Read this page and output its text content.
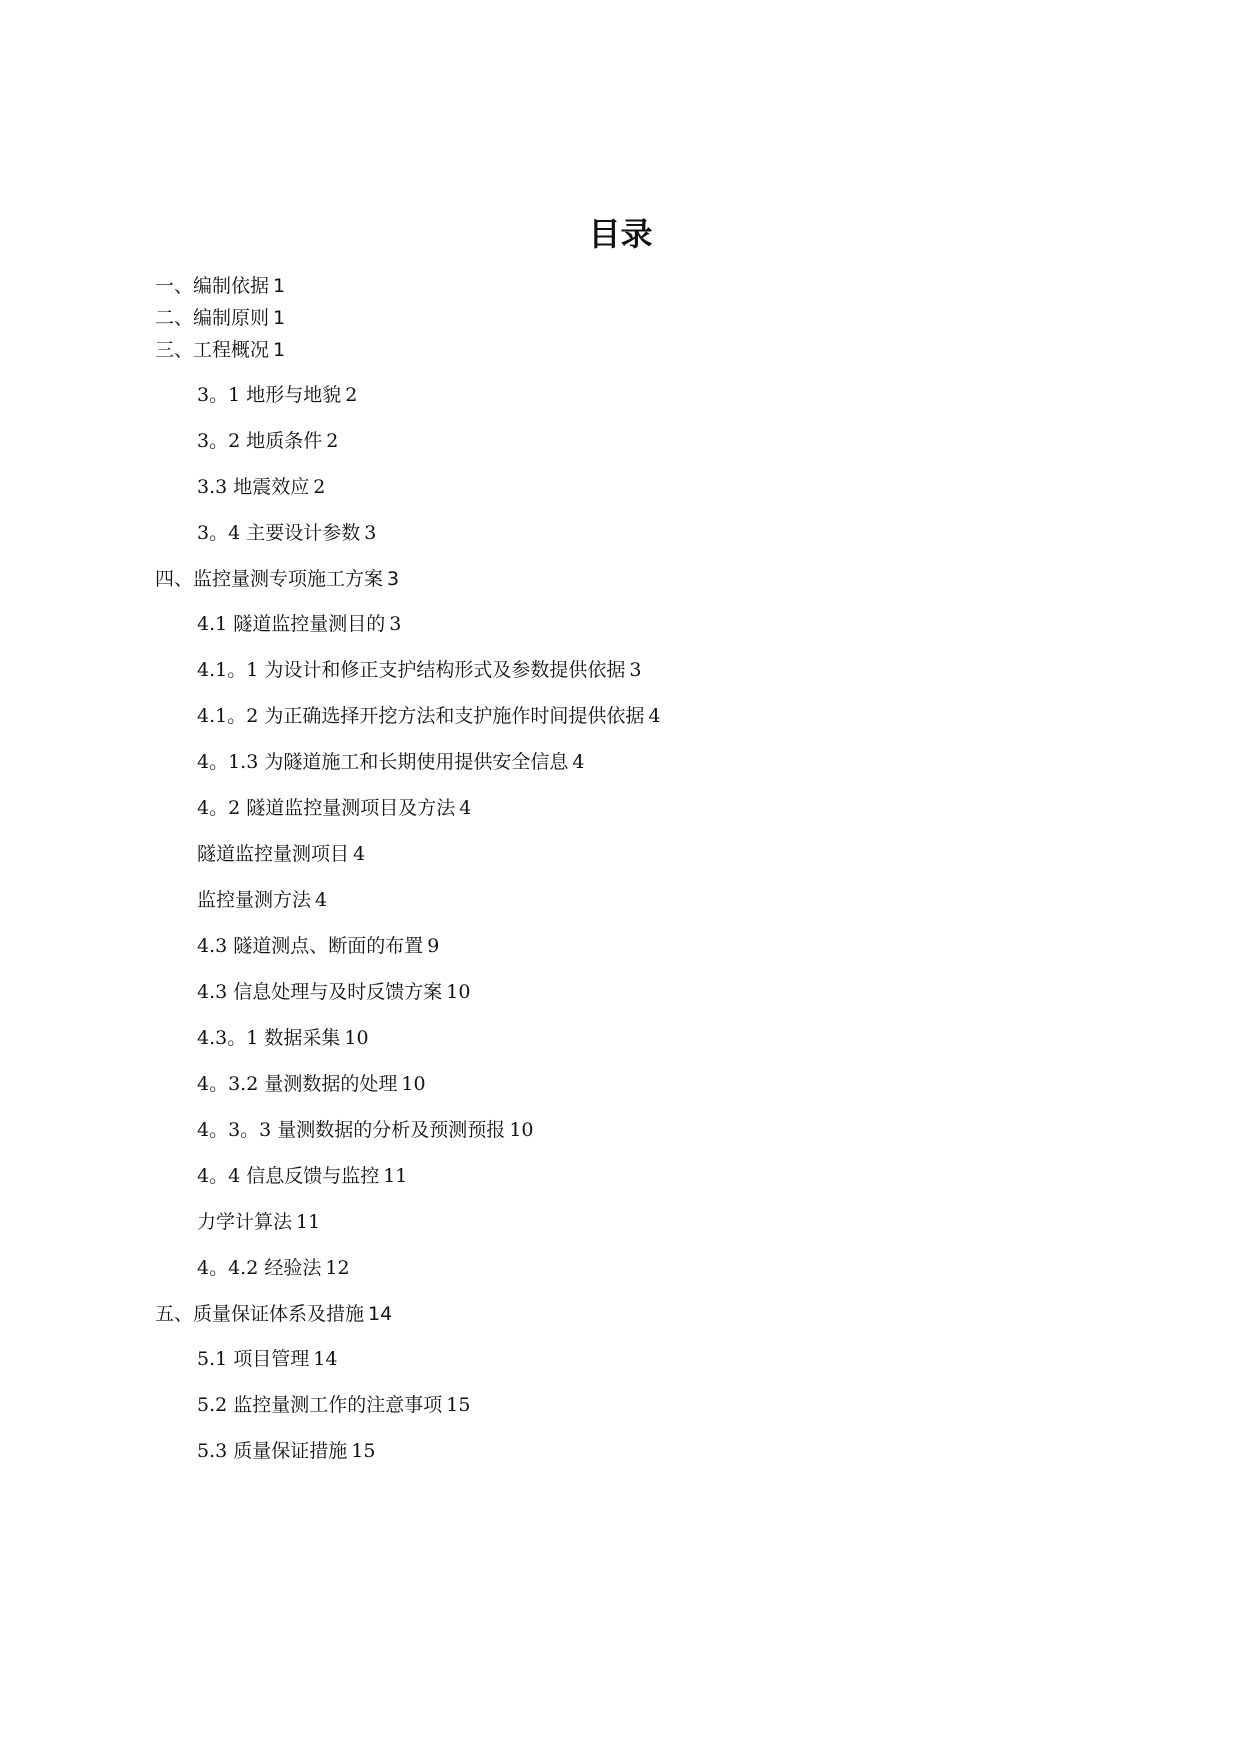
目录
一、编制依据 1
二、编制原则 1
三、工程概况 1
3。1 地形与地貌 2
3。2 地质条件 2
3.3 地震效应 2
3。4 主要设计参数 3
四、监控量测专项施工方案 3
4.1 隧道监控量测目的 3
4.1。1 为设计和修正支护结构形式及参数提供依据 3
4.1。2 为正确选择开挖方法和支护施作时间提供依据 4
4。1.3 为隧道施工和长期使用提供安全信息 4
4。2 隧道监控量测项目及方法 4
隧道监控量测项目 4
监控量测方法 4
4.3 隧道测点、断面的布置 9
4.3 信息处理与及时反馈方案 10
4.3。1 数据采集 10
4。3.2 量测数据的处理 10
4。3。3 量测数据的分析及预测预报 10
4。4 信息反馈与监控 11
力学计算法 11
4。4.2 经验法 12
五、质量保证体系及措施 14
5.1 项目管理 14
5.2 监控量测工作的注意事项 15
5.3 质量保证措施 15
